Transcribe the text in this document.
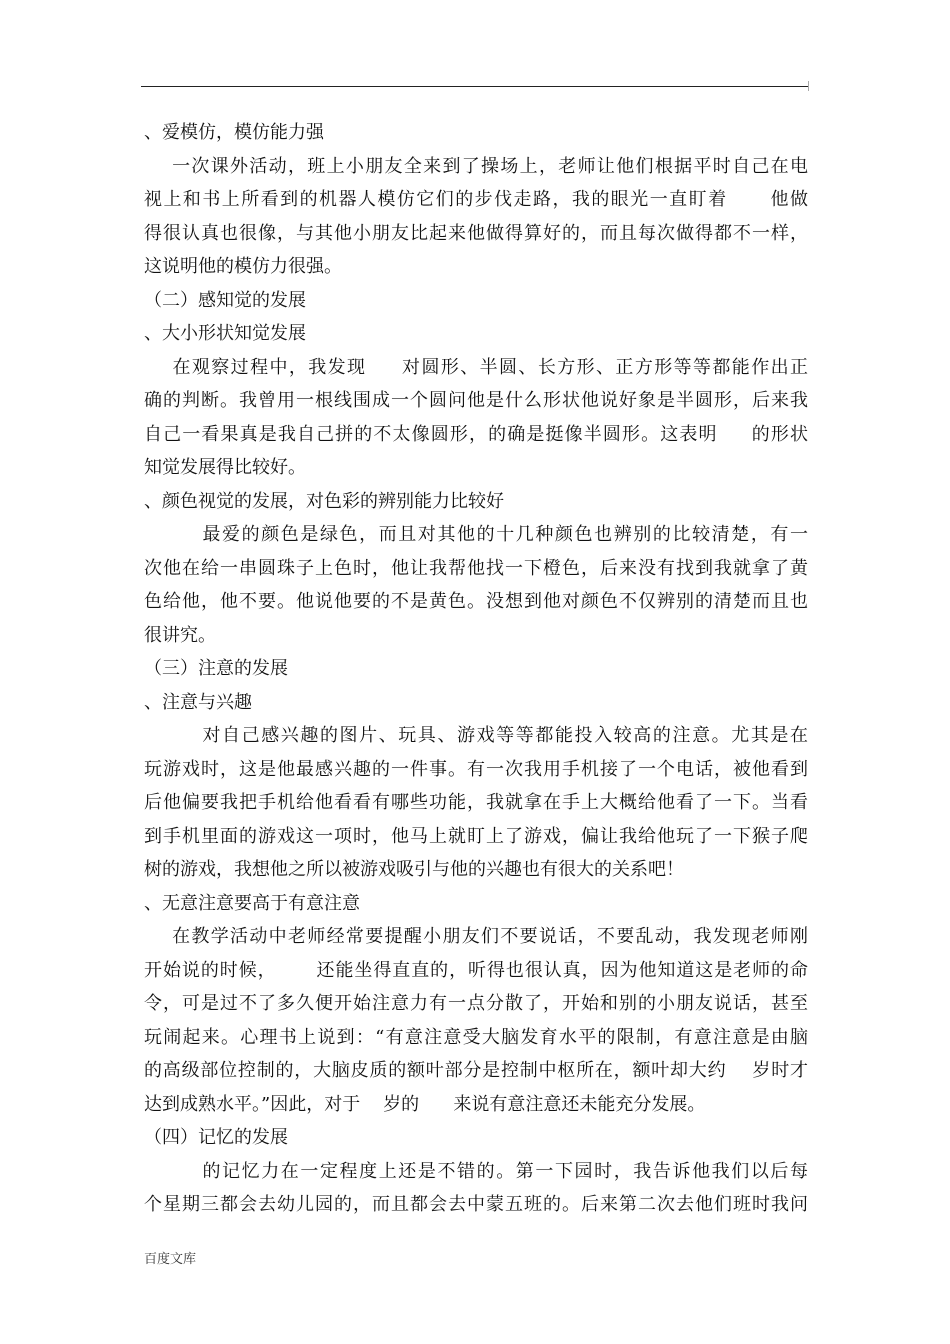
、爱模仿，模仿能力强
一次课外活动，班上小朋友全来到了操场上，老师让他们根据平时自己在电
视上和书上所看到的机器人模仿它们的步伐走路，我的眼光一直盯着      他做
得很认真也很像，与其他小朋友比起来他做得算好的，而且每次做得都不一样，
这说明他的模仿力很强。
（二）感知觉的发展
、大小形状知觉发展
在观察过程中，我发现     对圆形、半圆、长方形、正方形等等都能作出正
确的判断。我曾用一根线围成一个圆问他是什么形状他说好象是半圆形，后来我
自己一看果真是我自己拼的不太像圆形，的确是挺像半圆形。这表明     的形状
知觉发展得比较好。
、颜色视觉的发展，对色彩的辨别能力比较好
最爱的颜色是绿色，而且对其他的十几种颜色也辨别的比较清楚，有一
次他在给一串圆珠子上色时，他让我帮他找一下橙色，后来没有找到我就拿了黄
色给他，他不要。他说他要的不是黄色。没想到他对颜色不仅辨别的清楚而且也
很讲究。
（三）注意的发展
、注意与兴趣
对自己感兴趣的图片、玩具、游戏等等都能投入较高的注意。尤其是在
玩游戏时，这是他最感兴趣的一件事。有一次我用手机接了一个电话，被他看到
后他偏要我把手机给他看看有哪些功能，我就拿在手上大概给他看了一下。当看
到手机里面的游戏这一项时，他马上就盯上了游戏，偏让我给他玩了一下猴子爬
树的游戏，我想他之所以被游戏吸引与他的兴趣也有很大的关系吧！
、无意注意要高于有意注意
在教学活动中老师经常要提醒小朋友们不要说话，不要乱动，我发现老师刚
开始说的时候，      还能坐得直直的，听得也很认真，因为他知道这是老师的命
令，可是过不了多久便开始注意力有一点分散了，开始和别的小朋友说话，甚至
玩闹起来。心理书上说到：“有意注意受大脑发育水平的限制，有意注意是由脑
的高级部位控制的，大脑皮质的额叶部分是控制中枢所在，额叶却大约    岁时才
达到成熟水平。”因此，对于    岁的      来说有意注意还未能充分发展。
（四）记忆的发展
的记忆力在一定程度上还是不错的。第一下园时，我告诉他我们以后每
个星期三都会去幼儿园的，而且都会去中蒙五班的。后来第二次去他们班时我问
百度文库
